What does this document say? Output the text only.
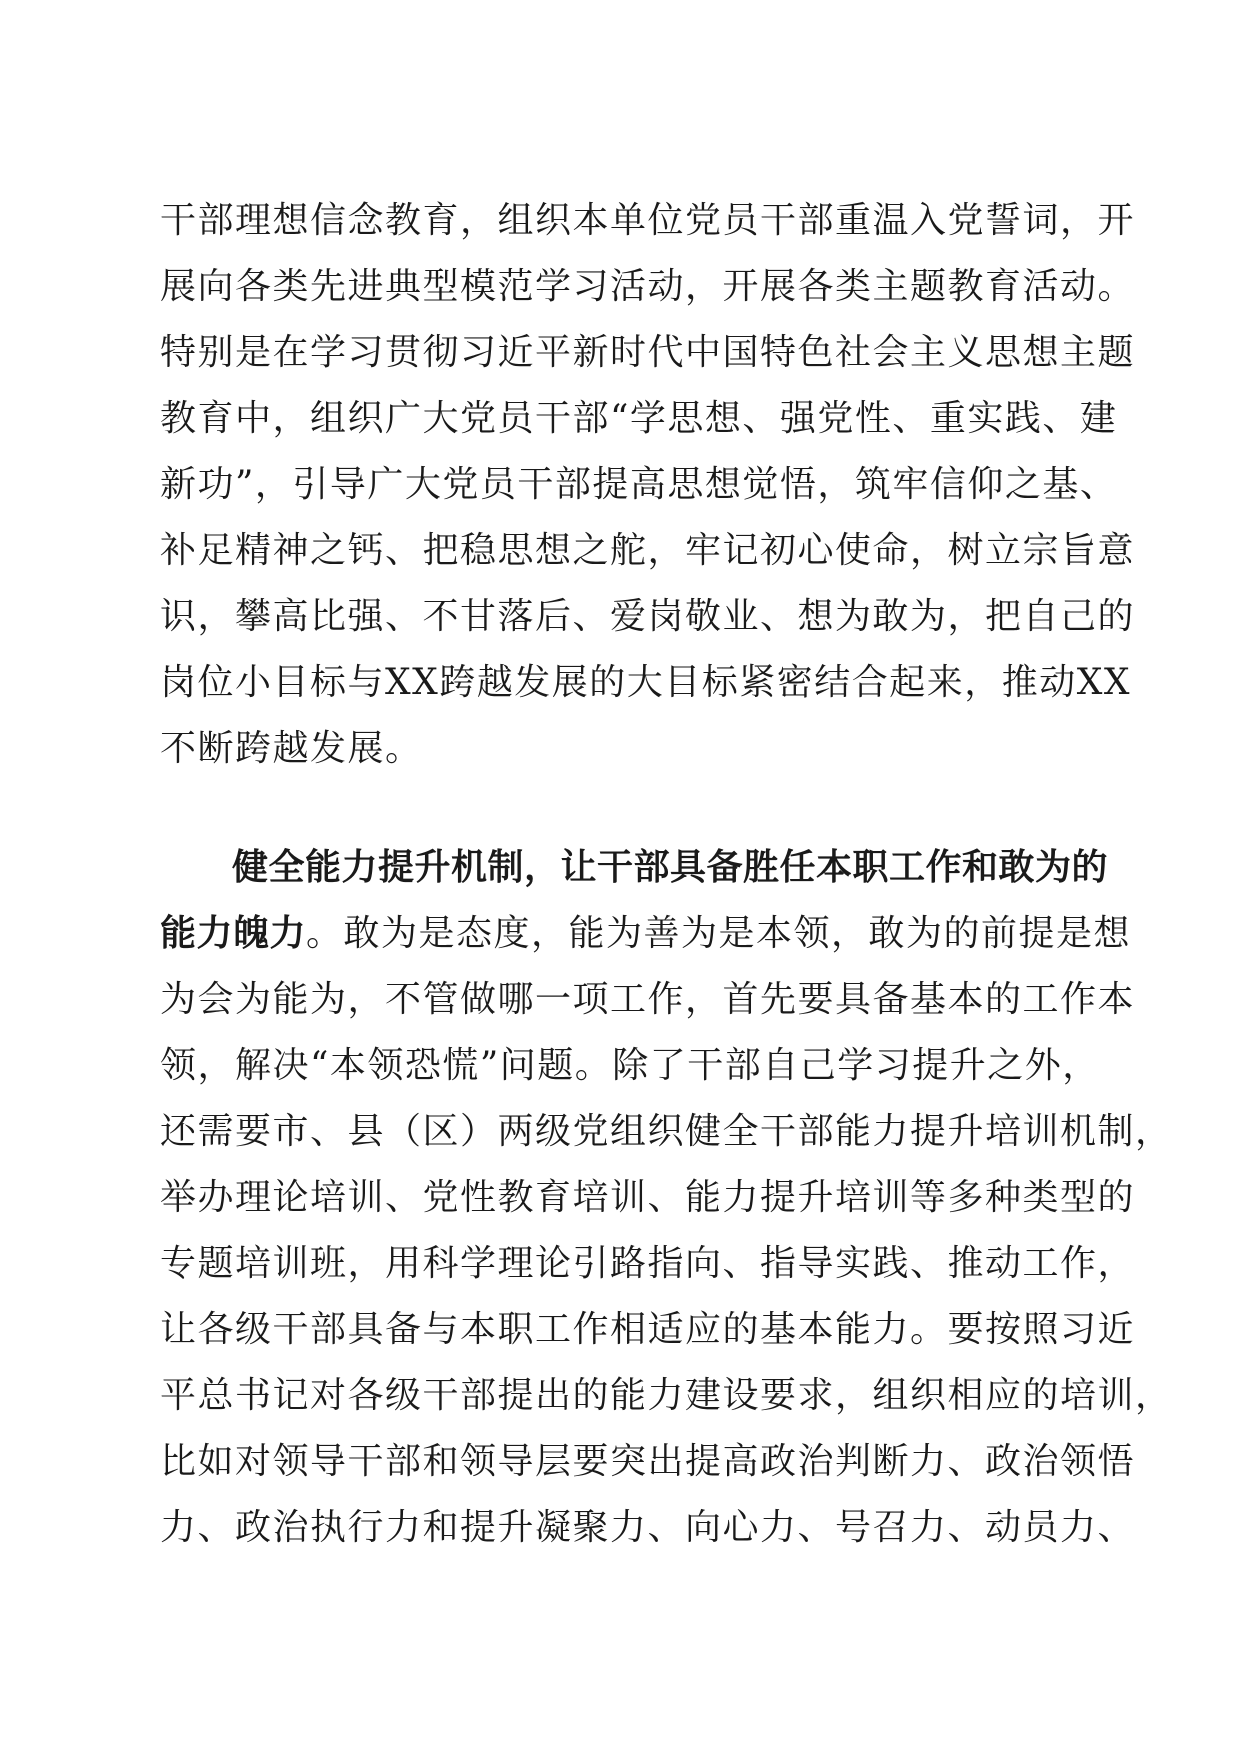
干部理想信念教育，组织本单位党员干部重温入党誓词，开
展向各类先进典型模范学习活动，开展各类主题教育活动。
特别是在学习贯彻习近平新时代中国特色社会主义思想主题
教育中，组织广大党员干部“学思想、强党性、重实践、建
新功”，引导广大党员干部提高思想觉悟，筑牢信仰之基、
补足精神之钙、把稳思想之舵，牢记初心使命，树立宗旨意
识，攀高比强、不甘落后、爱岗敬业、想为敢为，把自己的
岗位小目标与XX跨越发展的大目标紧密结合起来，推动XX
不断跨越发展。
健全能力提升机制，让干部具备胜任本职工作和敢为的
能力魄力。敢为是态度，能为善为是本领，敢为的前提是想
为会为能为，不管做哪一项工作，首先要具备基本的工作本
领，解决“本领恐慌”问题。除了干部自己学习提升之外，
还需要市、县（区）两级党组织健全干部能力提升培训机制，
举办理论培训、党性教育培训、能力提升培训等多种类型的
专题培训班，用科学理论引路指向、指导实践、推动工作，
让各级干部具备与本职工作相适应的基本能力。要按照习近
平总书记对各级干部提出的能力建设要求，组织相应的培训，
比如对领导干部和领导层要突出提高政治判断力、政治领悟
力、政治执行力和提升凝聚力、向心力、号召力、动员力、
